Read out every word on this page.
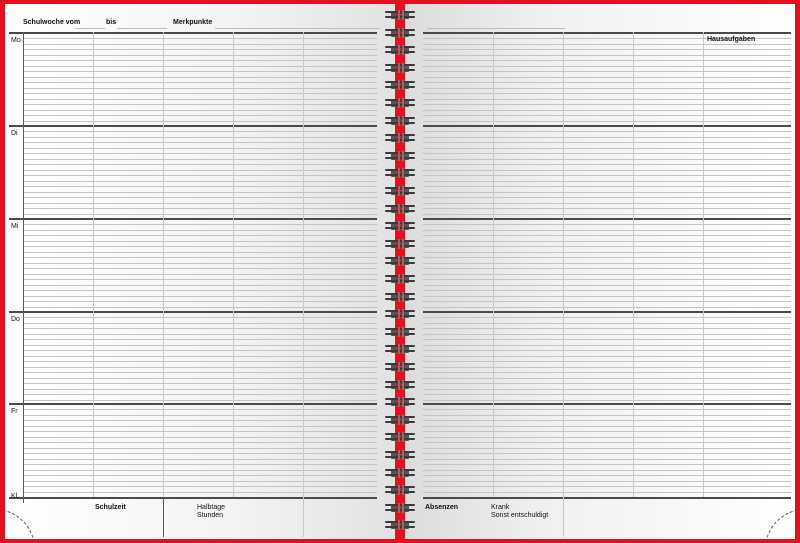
Schulwoche vom	bis	Merkpunkte
Mo
Di
Mi
Do
Fr
Kl.
Schulzeit	Halbtage
Stunden
Hausaufgaben
Absenzen	Krank
Sonst entschuldigt
